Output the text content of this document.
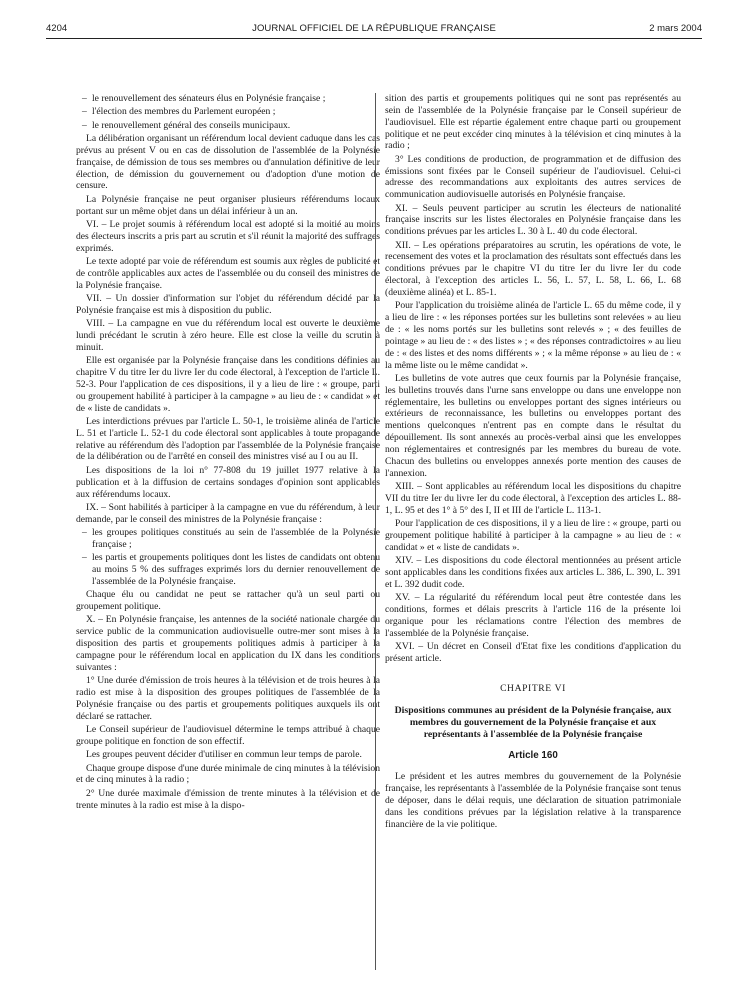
4204	JOURNAL OFFICIEL DE LA RÉPUBLIQUE FRANÇAISE	2 mars 2004

– le renouvellement des sénateurs élus en Polynésie française ;

– l'élection des membres du Parlement européen ;

– le renouvellement général des conseils municipaux.

La délibération organisant un référendum local devient caduque dans les cas prévus au présent V ou en cas de dissolution de l'assemblée de la Polynésie française, de démission de tous ses membres ou d'annulation définitive de leur élection, de démission du gouvernement ou d'adoption d'une motion de censure.

La Polynésie française ne peut organiser plusieurs référendums locaux portant sur un même objet dans un délai inférieur à un an.

VI. – Le projet soumis à référendum local est adopté si la moitié au moins des électeurs inscrits a pris part au scrutin et s'il réunit la majorité des suffrages exprimés.

Le texte adopté par voie de référendum est soumis aux règles de publicité et de contrôle applicables aux actes de l'assemblée ou du conseil des ministres de la Polynésie française.

VII. – Un dossier d'information sur l'objet du référendum décidé par la Polynésie française est mis à disposition du public.

VIII. – La campagne en vue du référendum local est ouverte le deuxième lundi précédant le scrutin à zéro heure. Elle est close la veille du scrutin à minuit.

Elle est organisée par la Polynésie française dans les conditions définies au chapitre V du titre Ier du livre Ier du code électoral, à l'exception de l'article L. 52-3. Pour l'application de ces dispositions, il y a lieu de lire : « groupe, parti ou groupement habilité à participer à la campagne » au lieu de : « candidat » et de « liste de candidats ».

Les interdictions prévues par l'article L. 50-1, le troisième alinéa de l'article L. 51 et l'article L. 52-1 du code électoral sont applicables à toute propagande relative au référendum dès l'adoption par l'assemblée de la Polynésie française de la délibération ou de l'arrêté en conseil des ministres visé au I ou au II.

Les dispositions de la loi n° 77-808 du 19 juillet 1977 relative à la publication et à la diffusion de certains sondages d'opinion sont applicables aux référendums locaux.

IX. – Sont habilités à participer à la campagne en vue du référendum, à leur demande, par le conseil des ministres de la Polynésie française :

– les groupes politiques constitués au sein de l'assemblée de la Polynésie française ;

– les partis et groupements politiques dont les listes de candidats ont obtenu au moins 5 % des suffrages exprimés lors du dernier renouvellement de l'assemblée de la Polynésie française.

Chaque élu ou candidat ne peut se rattacher qu'à un seul parti ou groupement politique.

X. – En Polynésie française, les antennes de la société nationale chargée du service public de la communication audiovisuelle outre-mer sont mises à la disposition des partis et groupements politiques admis à participer à la campagne pour le référendum local en application du IX dans les conditions suivantes :

1° Une durée d'émission de trois heures à la télévision et de trois heures à la radio est mise à la disposition des groupes politiques de l'assemblée de la Polynésie française ou des partis et groupements politiques auxquels ils ont déclaré se rattacher.

Le Conseil supérieur de l'audiovisuel détermine le temps attribué à chaque groupe politique en fonction de son effectif.

Les groupes peuvent décider d'utiliser en commun leur temps de parole.

Chaque groupe dispose d'une durée minimale de cinq minutes à la télévision et de cinq minutes à la radio ;

2° Une durée maximale d'émission de trente minutes à la télévision et de trente minutes à la radio est mise à la dispo-

sition des partis et groupements politiques qui ne sont pas représentés au sein de l'assemblée de la Polynésie française par le Conseil supérieur de l'audiovisuel. Elle est répartie également entre chaque parti ou groupement politique et ne peut excéder cinq minutes à la télévision et cinq minutes à la radio ;

3° Les conditions de production, de programmation et de diffusion des émissions sont fixées par le Conseil supérieur de l'audiovisuel. Celui-ci adresse des recommandations aux exploitants des autres services de communication audiovisuelle autorisés en Polynésie française.

XI. – Seuls peuvent participer au scrutin les électeurs de nationalité française inscrits sur les listes électorales en Polynésie française dans les conditions prévues par les articles L. 30 à L. 40 du code électoral.

XII. – Les opérations préparatoires au scrutin, les opérations de vote, le recensement des votes et la proclamation des résultats sont effectués dans les conditions prévues par le chapitre VI du titre Ier du livre Ier du code électoral, à l'exception des articles L. 56, L. 57, L. 58, L. 66, L. 68 (deuxième alinéa) et L. 85-1.

Pour l'application du troisième alinéa de l'article L. 65 du même code, il y a lieu de lire : « les réponses portées sur les bulletins sont relevées » au lieu de : « les noms portés sur les bulletins sont relevés » ; « des feuilles de pointage » au lieu de : « des listes » ; « des réponses contradictoires » au lieu de : « des listes et des noms différents » ; « la même réponse » au lieu de : « la même liste ou le même candidat ».

Les bulletins de vote autres que ceux fournis par la Polynésie française, les bulletins trouvés dans l'urne sans enveloppe ou dans une enveloppe non réglementaire, les bulletins ou enveloppes portant des signes intérieurs ou extérieurs de reconnaissance, les bulletins ou enveloppes portant des mentions quelconques n'entrent pas en compte dans le résultat du dépouillement. Ils sont annexés au procès-verbal ainsi que les enveloppes non réglementaires et contresignés par les membres du bureau de vote. Chacun des bulletins ou enveloppes annexés porte mention des causes de l'annexion.

XIII. – Sont applicables au référendum local les dispositions du chapitre VII du titre Ier du livre Ier du code électoral, à l'exception des articles L. 88-1, L. 95 et des 1° à 5° des I, II et III de l'article L. 113-1.

Pour l'application de ces dispositions, il y a lieu de lire : « groupe, parti ou groupement politique habilité à participer à la campagne » au lieu de : « candidat » et « liste de candidats ».

XIV. – Les dispositions du code électoral mentionnées au présent article sont applicables dans les conditions fixées aux articles L. 386, L. 390, L. 391 et L. 392 dudit code.

XV. – La régularité du référendum local peut être contestée dans les conditions, formes et délais prescrits à l'article 116 de la présente loi organique pour les réclamations contre l'élection des membres de l'assemblée de la Polynésie française.

XVI. – Un décret en Conseil d'Etat fixe les conditions d'application du présent article.

CHAPITRE VI
Dispositions communes au président de la Polynésie française, aux membres du gouvernement de la Polynésie française et aux représentants à l'assemblée de la Polynésie française
Article 160

Le président et les autres membres du gouvernement de la Polynésie française, les représentants à l'assemblée de la Polynésie française sont tenus de déposer, dans le délai requis, une déclaration de situation patrimoniale dans les conditions prévues par la législation relative à la transparence financière de la vie politique.
